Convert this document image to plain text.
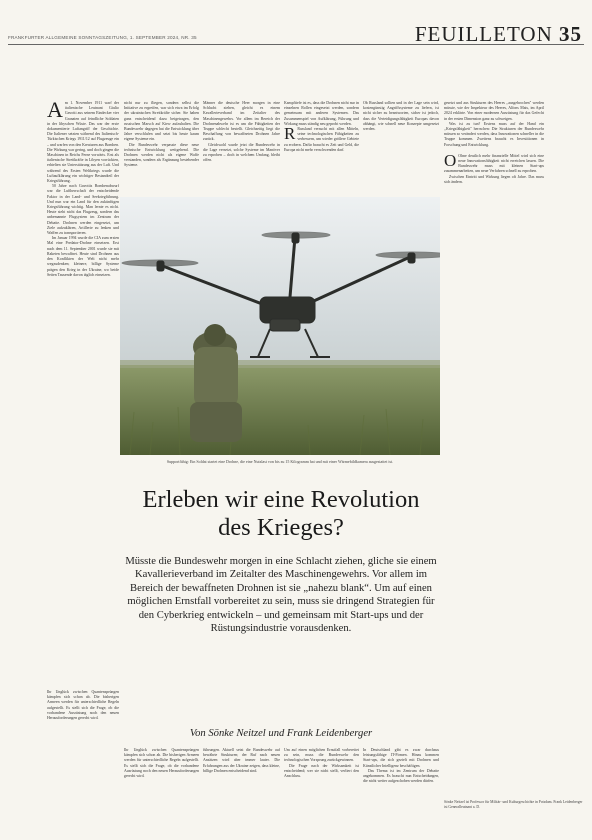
FRANKFURTER ALLGEMEINE SONNTAGSZEITUNG, 1. SEPTEMBER 2024, NR. 35	FEUILLETON 35

Am 1. November 1911 warf der italienische Leutnant Giulio Gavotti aus seinem Eindecker vier Granaten auf feindliche Soldaten in der libyschen Wüste. Das war der erste dokumentierte Luftangriff der Geschichte. Die Italiener setzten während des Italienisch-Türkischen Kriegs 1911/12 auf Flugzeuge ein – und warfen von den Kreaturen aus Bomben. Die Wirkung war gering, und doch gingen die Maschinen in Reichs Ferne vorwärts. Erst als italienische Streitkräfte in Libyen vorrückten, erhielten sie Unterstützung aus der Luft. Und während des Ersten Weltkriegs wurde die Luftaufklärung ein wichtiger Bestandteil der Kriegsführung.

50 Jahre nach Gavottis Bombenabwurf war die Luftherrschaft der entscheidende Faktor in der Land- und Seekriegführung. Und nun war ein Land für den zukünftigen Kriegsführung wichtig. Man lernte es nicht. Heute steht nicht das Flugzeug, sondern das unbemannte Flugsystem im Zentrum der Debatte. Drohnen werden eingesetzt, um Ziele aufzuklären, Artillerie zu lenken und Waffen zu transportieren.

Im Januar 1994 wurde die CIA zum ersten Mal eine Predator-Drohne einsetzen. Erst nach dem 11. September 2001 wurde sie mit Raketen bewaffnet. Heute sind Drohnen aus den Konflikten der Welt nicht mehr wegzudenken; kleinere, billige Systeme prägen den Krieg in der Ukraine, wo beide Seiten Tausende davon täglich einsetzen.

nicht nur zu fliegen, sondern selbst die Initiative zu ergreifen, war sich etwa im Erfolg der ukrainischen Streitkräfte sicher. Sie haben ganz entscheidend dazu beigetragen, den russischen Marsch auf Kiew aufzuhalten. Die Bundeswehr dagegen hat die Entwicklung über Jahre verschlafen und setzt bis heute kaum eigene Systeme ein.

Die Bundeswehr verpasste diese neue technische Entwicklung weitgehend. Die Drohnen werden nicht als eigene Waffe verstanden, sondern als Ergänzung bestehender Systeme.

Männer die deutsche Heer morgen in eine Schlacht ziehen, gleicht es einem Kavallerieverband im Zeitalter des Maschinengewehrs. Vor allem im Bereich der Drohnenabwehr ist es um die Fähigkeiten der Truppe schlecht bestellt. Gleichzeitig liegt die Beschaffung von bewaffneten Drohnen Jahre zurück.

Gleichwohl wurde jetzt die Bundeswehr in die Lage versetzt, solche Systeme im Manöver zu erproben – doch in welchem Umfang, bleibt offen.

Kampftiefe ist es, dass die Drohnen nicht nur in einzelnen Rollen eingesetzt werden, sondern gemeinsam mit anderen Systemen. Das Zusammenspiel von Aufklärung, Führung und Wirkung muss ständig neu geprobt werden.

R Russland versucht mit allen Mitteln, seine technologischen Fähigkeiten zu verbessern, um wieder größere Gebiete zu erobern. Dafür braucht es Zeit und Geld, die Europa nicht mehr verschwenden darf.

Ob Russland sollten und in der Lage sein wird, kostengünstig Angriffssysteme zu liefern, ist nicht sicher zu beantworten, sicher ist jedoch, dass die Verteidigungsfähigkeit Europas davon abhängt, wie schnell neue Konzepte umgesetzt werden.

gesetzt und aus Strukturen des Heeres ,,ausgebrochen" werden müsste, wie der Inspekteur des Heeres, Alfons Mais, im April 2024 erklärte. Von einer modernen Ausrüstung für das Gefecht in der ersten Dimension ganz zu schweigen.

Was ist zu tun? Erstens muss auf der Hand ein ,,Kriegsfähigkeit" herrschen: Die Strukturen der Bundeswehr müssen so verändert werden, dass Innovationen schneller in die Truppe kommen. Zweitens braucht es Investitionen in Forschung und Entwicklung.

O Ohne deutlich mehr finanzielle Mittel wird sich eine neue Innovationsfähigkeit nicht erreichen lassen. Die Bundeswehr muss mit kleinen Start-ups zusammenarbeiten, um neue Verfahren schnell zu erproben.

Zwischen Eintritt und Wirkung liegen oft Jahre. Das muss sich ändern.

Supportfähig: Ein Soldat startet eine Drohne, die eine Nutzlast von bis zu 15 Kilogramm hat und mit einer Wärmebildkamera ausgestattet ist.
Erleben wir eine Revolution des Krieges?
Müsste die Bundeswehr morgen in eine Schlacht ziehen, gliche sie einem Kavallerieverband im Zeitalter des Maschinengewehrs. Vor allem im Bereich der bewaffneten Drohnen ist sie „nahezu blank“. Um auf einen möglichen Ernstfall vorbereitet zu sein, muss sie dringend Strategien für den Cyberkrieg entwickeln – und gemeinsam mit Start-ups und der Rüstungsindustrie vorausdenken.
Von Sönke Neitzel und Frank Leidenberger

Ihr Unglück zwischen Quantensprüngen kämpfen sich schon ab. Die bisherigen Armeen werden für unterschiedliche Regeln aufgestellt. Es stellt sich die Frage, ob die vorhandene Ausrüstung noch den neuen Herausforderungen gerecht wird.

führungen. Aktuell setzt die Bundeswehr auf bewährte Strukturen; der Ruf nach neuen Ansätzen wird aber immer lauter. Die Erfahrungen aus der Ukraine zeigen, dass kleine, billige Drohnen entscheidend sind.

Um auf einen möglichen Ernstfall vorbereitet zu sein, muss die Bundeswehr den technologischen Vorsprung zurückgewinnen.

Die Frage nach der Wirksamkeit ist entscheidend; wer sie nicht stellt, verliert den Anschluss.

In Deutschland gibt es zwar durchaus leistungsfähige IT-Firmen. Hinzu kommen Start-ups, die sich gezielt mit Drohnen und Künstlicher Intelligenz beschäftigen.

Das Thema ist im Zentrum der Debatte angekommen. Es braucht nun Entscheidungen, die nicht weiter aufgeschoben werden dürfen.

Ihr Unglück zwischen Quantensprüngen kämpfen sich schon ab. Die bisherigen Armeen werden für unterschiedliche Regeln aufgestellt. Es stellt sich die Frage, ob die vorhandene Ausrüstung noch den neuen Herausforderungen gerecht wird.

Sönke Neitzel ist Professor für Militär- und Kulturgeschichte in Potsdam. Frank Leidenberger ist Generalleutnant a. D.
